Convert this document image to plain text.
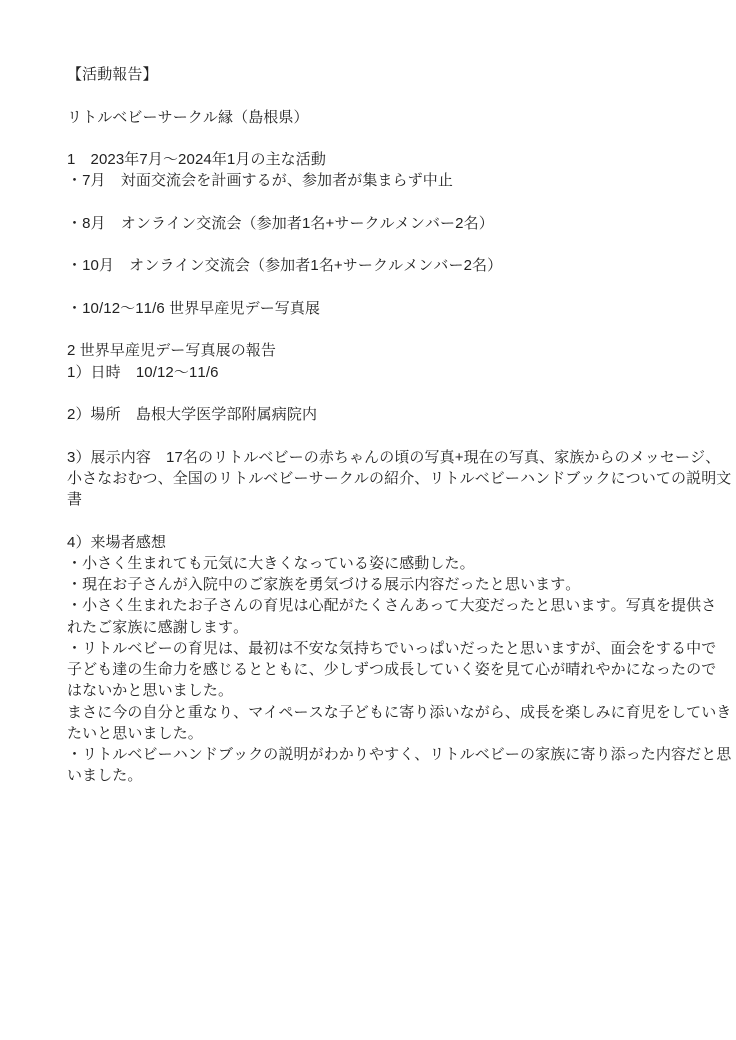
【活動報告】

リトルベビーサークル縁（島根県）

1　2023年7月～2024年1月の主な活動

・7月　対面交流会を計画するが、参加者が集まらず中止

・8月　オンライン交流会（参加者1名+サークルメンバー2名）

・10月　オンライン交流会（参加者1名+サークルメンバー2名）

・10/12～11/6 世界早産児デー写真展

2 世界早産児デー写真展の報告

1）日時　10/12～11/6

2）場所　島根大学医学部附属病院内

3）展示内容　17名のリトルベビーの赤ちゃんの頃の写真+現在の写真、家族からのメッセージ、

小さなおむつ、全国のリトルベビーサークルの紹介、リトルベビーハンドブックについての説明文

書

4）来場者感想

・小さく生まれても元気に大きくなっている姿に感動した。

・現在お子さんが入院中のご家族を勇気づける展示内容だったと思います。

・小さく生まれたお子さんの育児は心配がたくさんあって大変だったと思います。写真を提供さ

れたご家族に感謝します。

・リトルベビーの育児は、最初は不安な気持ちでいっぱいだったと思いますが、面会をする中で

子ども達の生命力を感じるとともに、少しずつ成長していく姿を見て心が晴れやかになったので

はないかと思いました。

まさに今の自分と重なり、マイペースな子どもに寄り添いながら、成長を楽しみに育児をしていき

たいと思いました。

・リトルベビーハンドブックの説明がわかりやすく、リトルベビーの家族に寄り添った内容だと思

いました。
